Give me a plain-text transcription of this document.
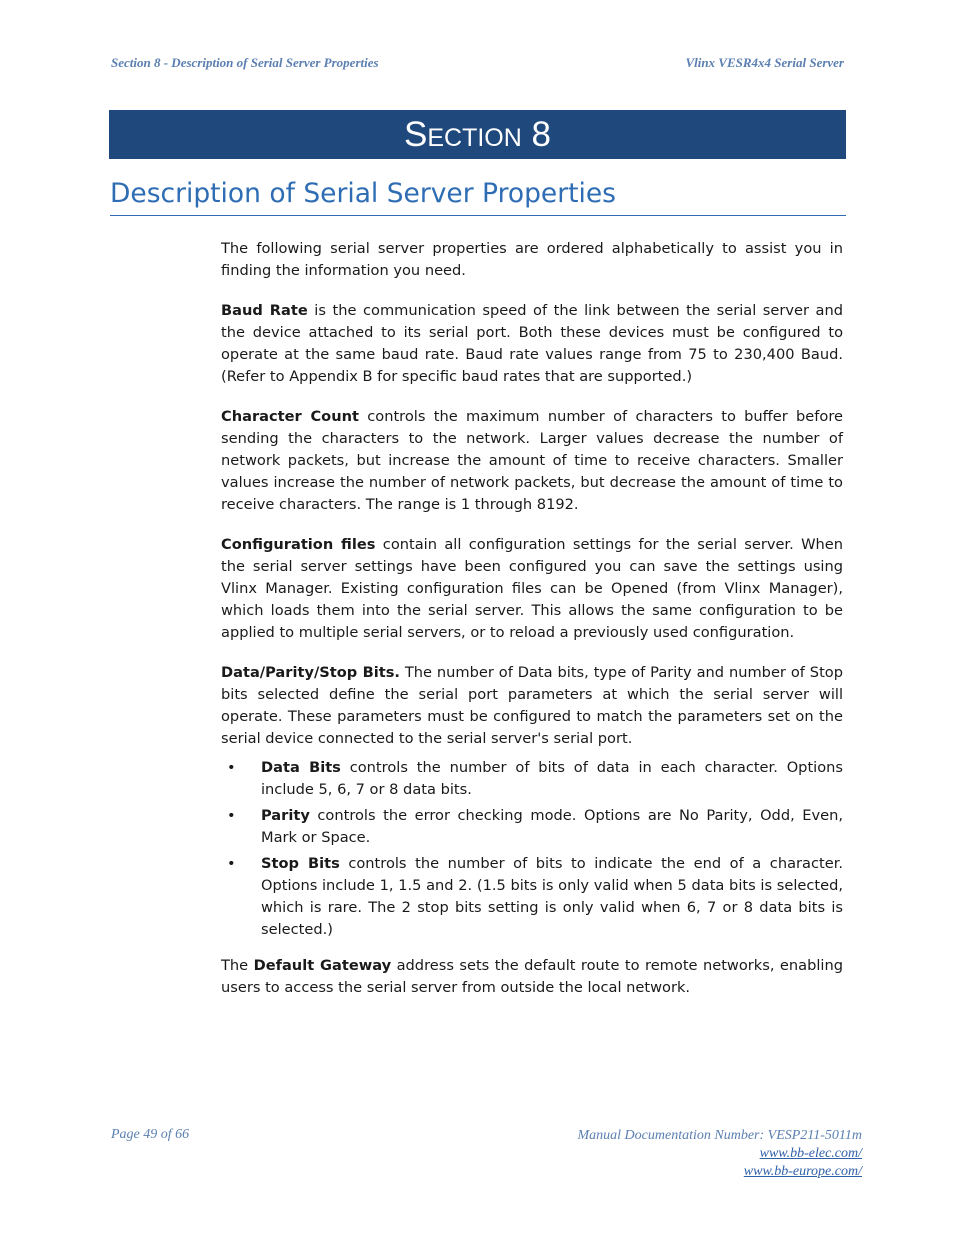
Section 8 - Description of Serial Server Properties	Vlinx VESR4x4 Serial Server
SECTION 8
Description of Serial Server Properties

The following serial server properties are ordered alphabetically to assist you in finding the information you need.

Baud Rate is the communication speed of the link between the serial server and the device attached to its serial port. Both these devices must be configured to operate at the same baud rate. Baud rate values range from 75 to 230,400 Baud. (Refer to Appendix B for specific baud rates that are supported.)

Character Count controls the maximum number of characters to buffer before sending the characters to the network. Larger values decrease the number of network packets, but increase the amount of time to receive characters. Smaller values increase the number of network packets, but decrease the amount of time to receive characters. The range is 1 through 8192.

Configuration files contain all configuration settings for the serial server. When the serial server settings have been configured you can save the settings using Vlinx Manager. Existing configuration files can be Opened (from Vlinx Manager), which loads them into the serial server. This allows the same configuration to be applied to multiple serial servers, or to reload a previously used configuration.

Data/Parity/Stop Bits. The number of Data bits, type of Parity and number of Stop bits selected define the serial port parameters at which the serial server will operate. These parameters must be configured to match the parameters set on the serial device connected to the serial server's serial port.

• Data Bits controls the number of bits of data in each character. Options include 5, 6, 7 or 8 data bits.
• Parity controls the error checking mode. Options are No Parity, Odd, Even, Mark or Space.
• Stop Bits controls the number of bits to indicate the end of a character. Options include 1, 1.5 and 2. (1.5 bits is only valid when 5 data bits is selected, which is rare. The 2 stop bits setting is only valid when 6, 7 or 8 data bits is selected.)

The Default Gateway address sets the default route to remote networks, enabling users to access the serial server from outside the local network.

Page 49 of 66	Manual Documentation Number: VESP211-5011m
www.bb-elec.com/
www.bb-europe.com/
